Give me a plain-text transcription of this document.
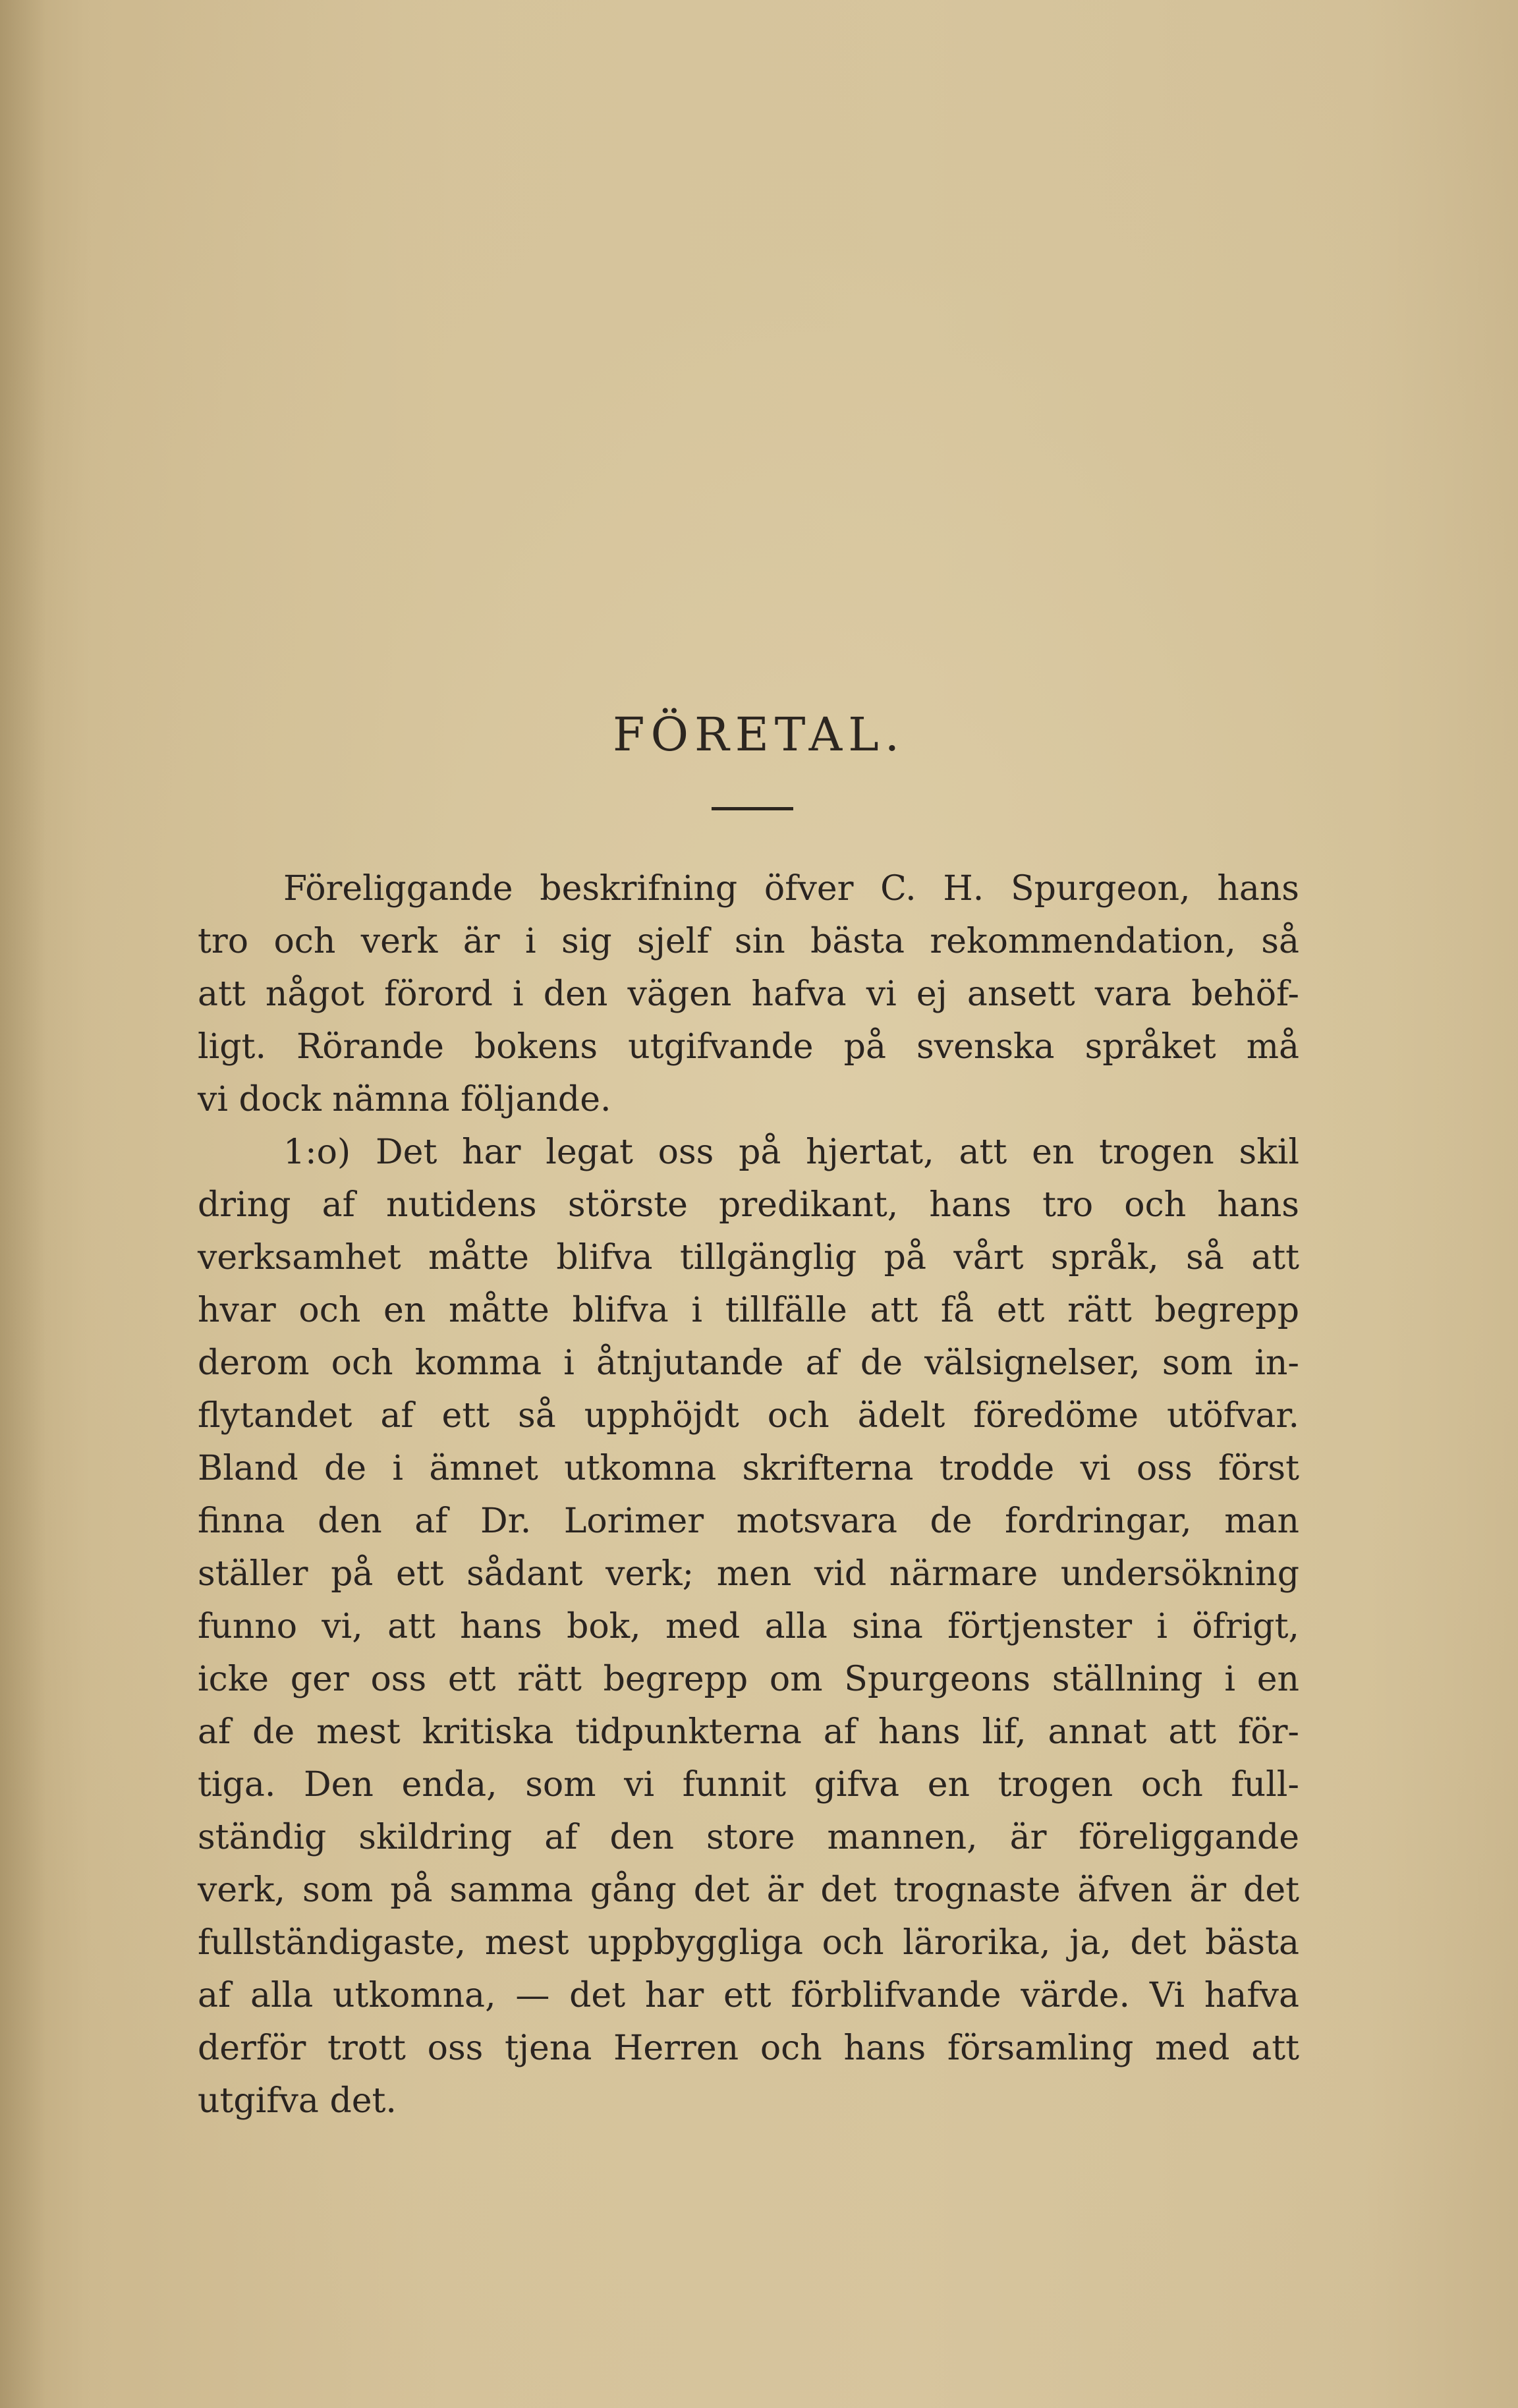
FÖRETAL.
Föreliggande beskrifning öfver C. H. Spurgeon, hans
tro och verk är i sig sjelf sin bästa rekommendation, så
att något förord i den vägen hafva vi ej ansett vara behöf-
ligt. Rörande bokens utgifvande på svenska språket må
vi dock nämna följande.
1:o) Det har legat oss på hjertat, att en trogen skil
dring af nutidens störste predikant, hans tro och hans
verksamhet måtte blifva tillgänglig på vårt språk, så att
hvar och en måtte blifva i tillfälle att få ett rätt begrepp
derom och komma i åtnjutande af de välsignelser, som in-
flytandet af ett så upphöjdt och ädelt föredöme utöfvar.
Bland de i ämnet utkomna skrifterna trodde vi oss först
finna den af Dr. Lorimer motsvara de fordringar, man
ställer på ett sådant verk; men vid närmare undersökning
funno vi, att hans bok, med alla sina förtjenster i öfrigt,
icke ger oss ett rätt begrepp om Spurgeons ställning i en
af de mest kritiska tidpunkterna af hans lif, annat att för-
tiga. Den enda, som vi funnit gifva en trogen och full-
ständig skildring af den store mannen, är föreliggande
verk, som på samma gång det är det trognaste äfven är det
fullständigaste, mest uppbyggliga och lärorika, ja, det bästa
af alla utkomna, — det har ett förblifvande värde. Vi hafva
derför trott oss tjena Herren och hans församling med att
utgifva det.
